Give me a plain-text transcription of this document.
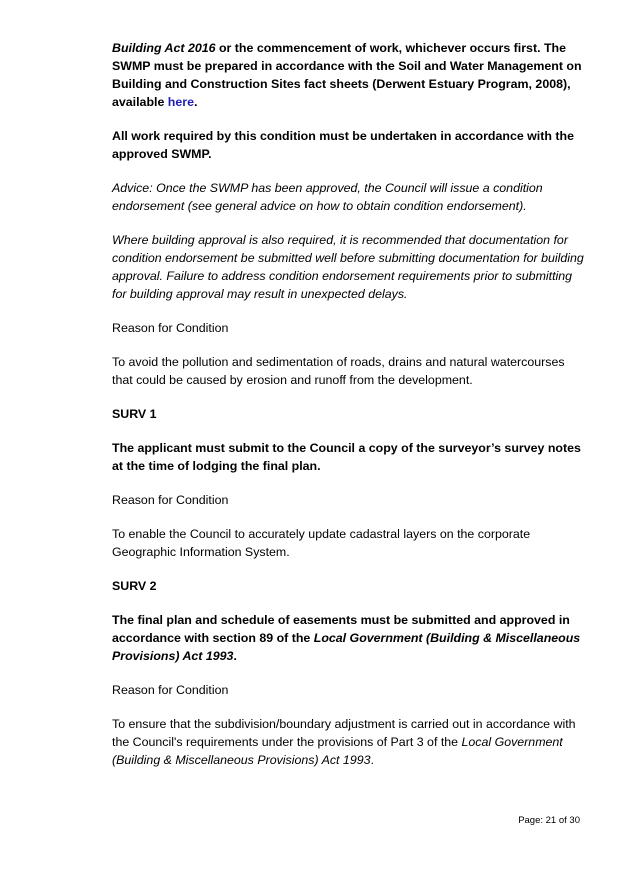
Building Act 2016 or the commencement of work, whichever occurs first. The SWMP must be prepared in accordance with the Soil and Water Management on Building and Construction Sites fact sheets (Derwent Estuary Program, 2008), available here.

All work required by this condition must be undertaken in accordance with the approved SWMP.

Advice: Once the SWMP has been approved, the Council will issue a condition endorsement (see general advice on how to obtain condition endorsement).

Where building approval is also required, it is recommended that documentation for condition endorsement be submitted well before submitting documentation for building approval. Failure to address condition endorsement requirements prior to submitting for building approval may result in unexpected delays.

Reason for Condition

To avoid the pollution and sedimentation of roads, drains and natural watercourses that could be caused by erosion and runoff from the development.

SURV 1

The applicant must submit to the Council a copy of the surveyor’s survey notes at the time of lodging the final plan.

Reason for Condition

To enable the Council to accurately update cadastral layers on the corporate Geographic Information System.

SURV 2

The final plan and schedule of easements must be submitted and approved in accordance with section 89 of the Local Government (Building & Miscellaneous Provisions) Act 1993.

Reason for Condition

To ensure that the subdivision/boundary adjustment is carried out in accordance with the Council's requirements under the provisions of Part 3 of the Local Government (Building & Miscellaneous Provisions) Act 1993.

Page: 21 of 30
